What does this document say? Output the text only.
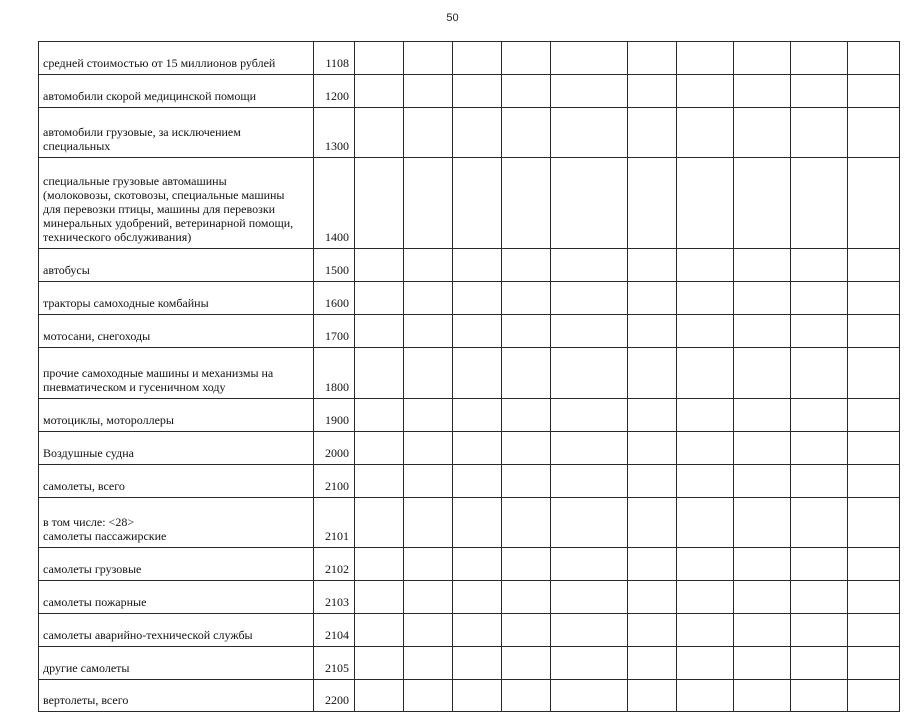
50
средней стоимостью от 15 миллионов рублей	1108										
автомобили скорой медицинской помощи	1200										
автомобили грузовые, за исключением
специальных	1300										
специальные грузовые автомашины
(молоковозы, скотовозы, специальные машины
для перевозки птицы, машины для перевозки
минеральных удобрений, ветеринарной помощи,
технического обслуживания)	1400										
автобусы	1500										
тракторы самоходные комбайны	1600										
мотосани, снегоходы	1700										
прочие самоходные машины и механизмы на
пневматическом и гусеничном ходу	1800										
мотоциклы, мотороллеры	1900										
Воздушные судна	2000										
самолеты, всего	2100										
в том числе: <28>
самолеты пассажирские	2101										
самолеты грузовые	2102										
самолеты пожарные	2103										
самолеты аварийно-технической службы	2104										
другие самолеты	2105										
вертолеты, всего	2200										
